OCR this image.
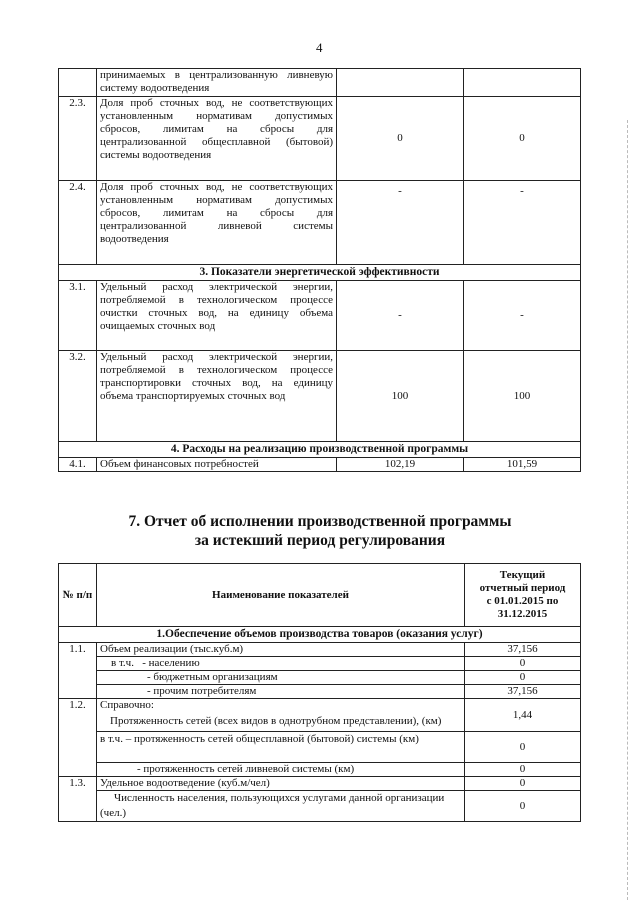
4
	принимаемых в централизованную ливневую систему водоотведения		
2.3.	Доля проб сточных вод, не соответствующих установленным нормативам допустимых сбросов, лимитам на сбросы для централизованной общесплавной (бытовой) системы водоотведения	0	0
2.4.	Доля проб сточных вод, не соответствующих установленным нормативам допустимых сбросов, лимитам на сбросы для централизованной ливневой системы водоотведения	-	-
3. Показатели энергетической эффективности			
3.1.	Удельный расход электрической энергии, потребляемой в технологическом процессе очистки сточных вод, на единицу объема очищаемых сточных вод	-	-
3.2.	Удельный расход электрической энергии, потребляемой в технологическом процессе транспортировки сточных вод, на единицу объема транспортируемых сточных вод	100	100
4. Расходы на реализацию производственной программы			
4.1.	Объем финансовых потребностей	102,19	101,59
7. Отчет об исполнении производственной программы
за истекший период регулирования
№ п/п	Наименование показателей	Текущий
отчетный период
с 01.01.2015 по
31.12.2015

1.Обеспечение объемов производства товаров (оказания услуг)		
1.1.	Объем реализации (тыс.куб.м)	37,156
	в т.ч. - населению	0
	- бюджетным организациям	0
	- прочим потребителям	37,156
1.2.	Справочно:
Протяженность сетей (всех видов в однотрубном представлении), (км)	1,44
	в т.ч. – протяженность сетей общесплавной (бытовой) системы (км)	0
	- протяженность сетей ливневой системы (км)	0
1.3.	Удельное водоотведение (куб.м/чел)	0
	Численность населения, пользующихся услугами данной организации (чел.)	0
